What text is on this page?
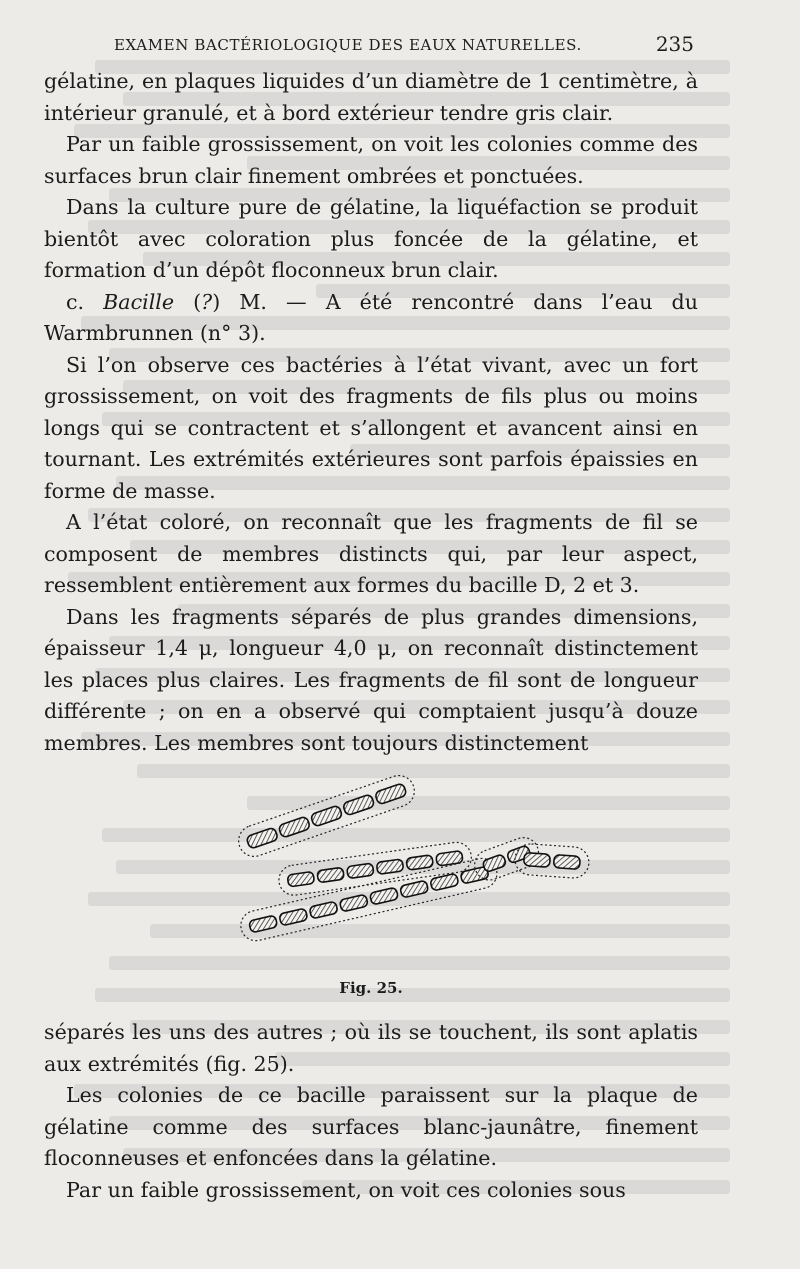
EXAMEN BACTÉRIOLOGIQUE DES EAUX NATURELLES.	235

gélatine, en plaques liquides d’un diamètre de 1 centimètre, à intérieur granulé, et à bord extérieur tendre gris clair.

Par un faible grossissement, on voit les colonies comme des surfaces brun clair finement ombrées et ponctuées.

Dans la culture pure de gélatine, la liquéfaction se produit bientôt avec coloration plus foncée de la gélatine, et formation d’un dépôt floconneux brun clair.

c. Bacille (?) M. — A été rencontré dans l’eau du Warmbrunnen (n° 3).

Si l’on observe ces bactéries à l’état vivant, avec un fort grossissement, on voit des fragments de fils plus ou moins longs qui se contractent et s’allongent et avancent ainsi en tournant. Les extrémités extérieures sont parfois épaissies en forme de masse.

A l’état coloré, on reconnaît que les fragments de fil se composent de membres distincts qui, par leur aspect, ressemblent entièrement aux formes du bacille D, 2 et 3.

Dans les fragments séparés de plus grandes dimensions, épaisseur 1,4 μ, longueur 4,0 μ, on reconnaît distinctement les places plus claires. Les fragments de fil sont de longueur différente ; on en a observé qui comptaient jusqu’à douze membres. Les membres sont toujours distinctement

Fig. 25.

séparés les uns des autres ; où ils se touchent, ils sont aplatis aux extrémités (fig. 25).

Les colonies de ce bacille paraissent sur la plaque de gélatine comme des surfaces blanc-jaunâtre, finement floconneuses et enfoncées dans la gélatine.

Par un faible grossissement, on voit ces colonies sous
